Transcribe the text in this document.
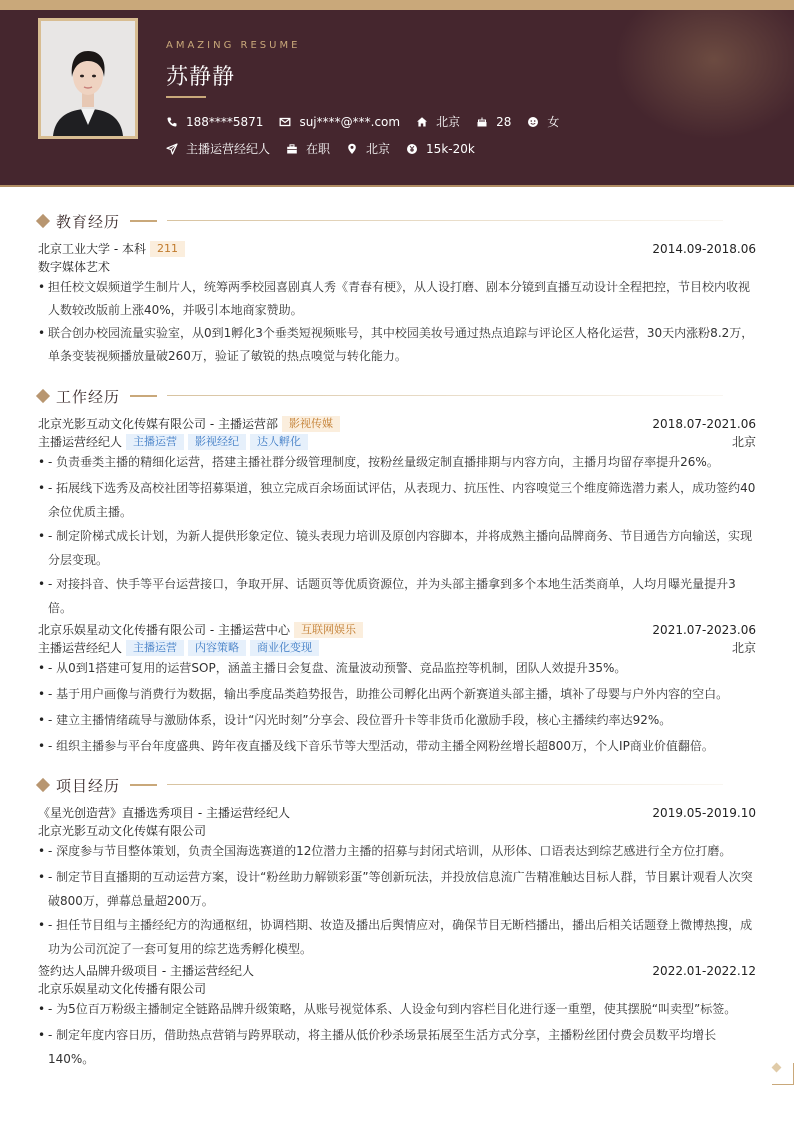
AMAZING RESUME
苏静静
188****5871	suj****@***.com	北京	28	女
主播运营经纪人	在职	北京	15k-20k
教育经历
北京工业大学 - 本科 211	2014.09-2018.06
数字媒体艺术
• 担任校文娱频道学生制片人，统筹两季校园喜剧真人秀《青春有梗》，从人设打磨、剧本分镜到直播互动设计全程把控，节目校内收视人数较改版前上涨40%，并吸引本地商家赞助。
• 联合创办校园流量实验室，从0到1孵化3个垂类短视频账号，其中校园美妆号通过热点追踪与评论区人格化运营，30天内涨粉8.2万，单条变装视频播放量破260万，验证了敏锐的热点嗅觉与转化能力。
工作经历
北京光影互动文化传媒有限公司 - 主播运营部 影视传媒	2018.07-2021.06
主播运营经纪人 主播运营 影视经纪 达人孵化	北京
• - 负责垂类主播的精细化运营，搭建主播社群分级管理制度，按粉丝量级定制直播排期与内容方向，主播月均留存率提升26%。
• - 拓展线下选秀及高校社团等招募渠道，独立完成百余场面试评估，从表现力、抗压性、内容嗅觉三个维度筛选潜力素人，成功签约40余位优质主播。
• - 制定阶梯式成长计划，为新人提供形象定位、镜头表现力培训及原创内容脚本，并将成熟主播向品牌商务、节目通告方向输送，实现分层变现。
• - 对接抖音、快手等平台运营接口，争取开屏、话题页等优质资源位，并为头部主播拿到多个本地生活类商单，人均月曝光量提升3倍。
北京乐娱星动文化传播有限公司 - 主播运营中心 互联网娱乐	2021.07-2023.06
主播运营经纪人 主播运营 内容策略 商业化变现	北京
• - 从0到1搭建可复用的运营SOP，涵盖主播日会复盘、流量波动预警、竞品监控等机制，团队人效提升35%。
• - 基于用户画像与消费行为数据，输出季度品类趋势报告，助推公司孵化出两个新赛道头部主播，填补了母婴与户外内容的空白。
• - 建立主播情绪疏导与激励体系，设计“闪光时刻”分享会、段位晋升卡等非货币化激励手段，核心主播续约率达92%。
• - 组织主播参与平台年度盛典、跨年夜直播及线下音乐节等大型活动，带动主播全网粉丝增长超800万，个人IP商业价值翻倍。
项目经历
《星光创造营》直播选秀项目 - 主播运营经纪人	2019.05-2019.10
北京光影互动文化传媒有限公司
• - 深度参与节目整体策划，负责全国海选赛道的12位潜力主播的招募与封闭式培训，从形体、口语表达到综艺感进行全方位打磨。
• - 制定节目直播期的互动运营方案，设计“粉丝助力解锁彩蛋”等创新玩法，并投放信息流广告精准触达目标人群，节目累计观看人次突破800万，弹幕总量超200万。
• - 担任节目组与主播经纪方的沟通枢纽，协调档期、妆造及播出后舆情应对，确保节目无断档播出，播出后相关话题登上微博热搜，成功为公司沉淀了一套可复用的综艺选秀孵化模型。
签约达人品牌升级项目 - 主播运营经纪人	2022.01-2022.12
北京乐娱星动文化传播有限公司
• - 为5位百万粉级主播制定全链路品牌升级策略，从账号视觉体系、人设金句到内容栏目化进行逐一重塑，使其摆脱“叫卖型”标签。
• - 制定年度内容日历，借助热点营销与跨界联动，将主播从低价秒杀场景拓展至生活方式分享，主播粉丝团付费会员数平均增长140%。
